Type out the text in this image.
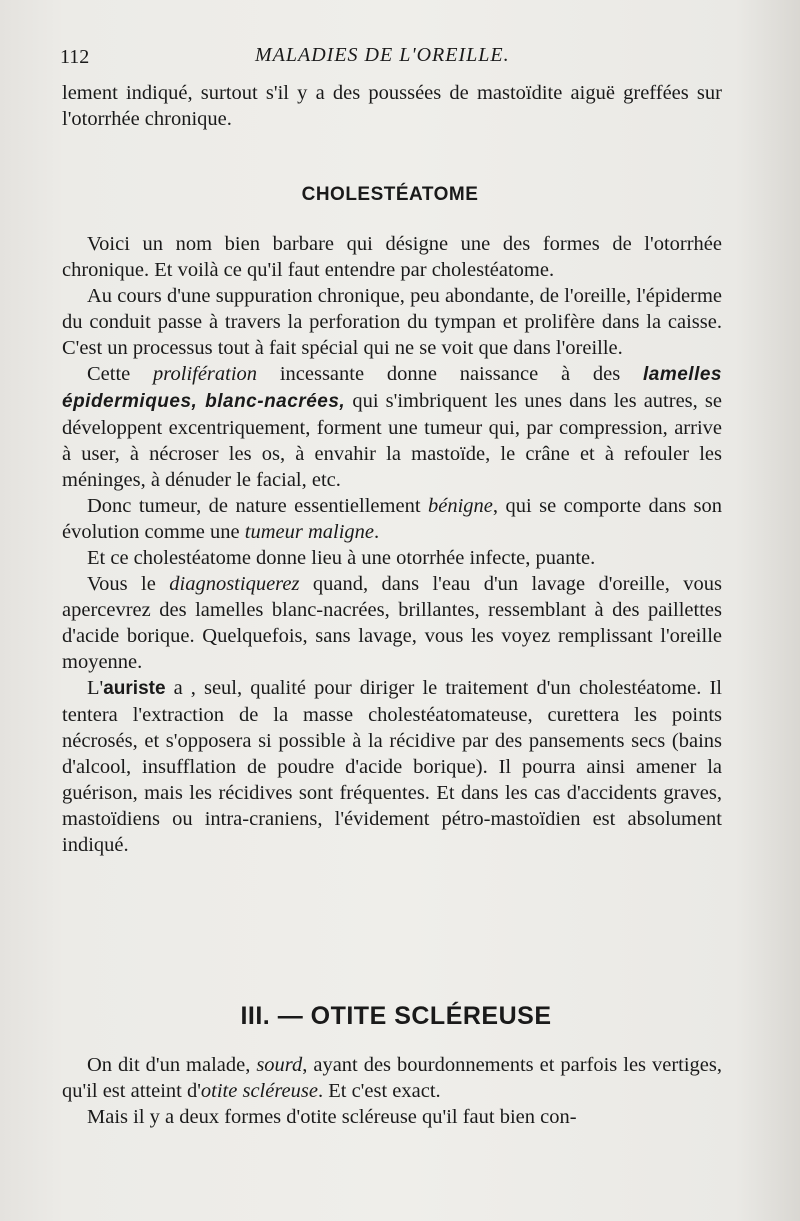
112	MALADIES DE L'OREILLE.

lement indiqué, surtout s'il y a des poussées de mastoïdite aiguë greffées sur l'otorrhée chronique.

CHOLESTÉATOME

Voici un nom bien barbare qui désigne une des formes de l'otorrhée chronique. Et voilà ce qu'il faut entendre par cholestéatome.

Au cours d'une suppuration chronique, peu abondante, de l'oreille, l'épiderme du conduit passe à travers la perforation du tympan et prolifère dans la caisse. C'est un processus tout à fait spécial qui ne se voit que dans l'oreille.

Cette prolifération incessante donne naissance à des lamelles épidermiques, blanc-nacrées, qui s'imbriquent les unes dans les autres, se développent excentriquement, forment une tumeur qui, par compression, arrive à user, à nécroser les os, à envahir la mastoïde, le crâne et à refouler les méninges, à dénuder le facial, etc.

Donc tumeur, de nature essentiellement bénigne, qui se comporte dans son évolution comme une tumeur maligne.

Et ce cholestéatome donne lieu à une otorrhée infecte, puante.

Vous le diagnostiquerez quand, dans l'eau d'un lavage d'oreille, vous apercevrez des lamelles blanc-nacrées, brillantes, ressemblant à des paillettes d'acide borique. Quelquefois, sans lavage, vous les voyez remplissant l'oreille moyenne.

L'auriste a , seul, qualité pour diriger le traitement d'un cholestéatome. Il tentera l'extraction de la masse cholestéatomateuse, curettera les points nécrosés, et s'opposera si possible à la récidive par des pansements secs (bains d'alcool, insufflation de poudre d'acide borique). Il pourra ainsi amener la guérison, mais les récidives sont fréquentes. Et dans les cas d'accidents graves, mastoïdiens ou intra-craniens, l'évidement pétro-mastoïdien est absolument indiqué.

III. — OTITE SCLÉREUSE

On dit d'un malade, sourd, ayant des bourdonnements et parfois les vertiges, qu'il est atteint d'otite scléreuse. Et c'est exact.

Mais il y a deux formes d'otite scléreuse qu'il faut bien con-
